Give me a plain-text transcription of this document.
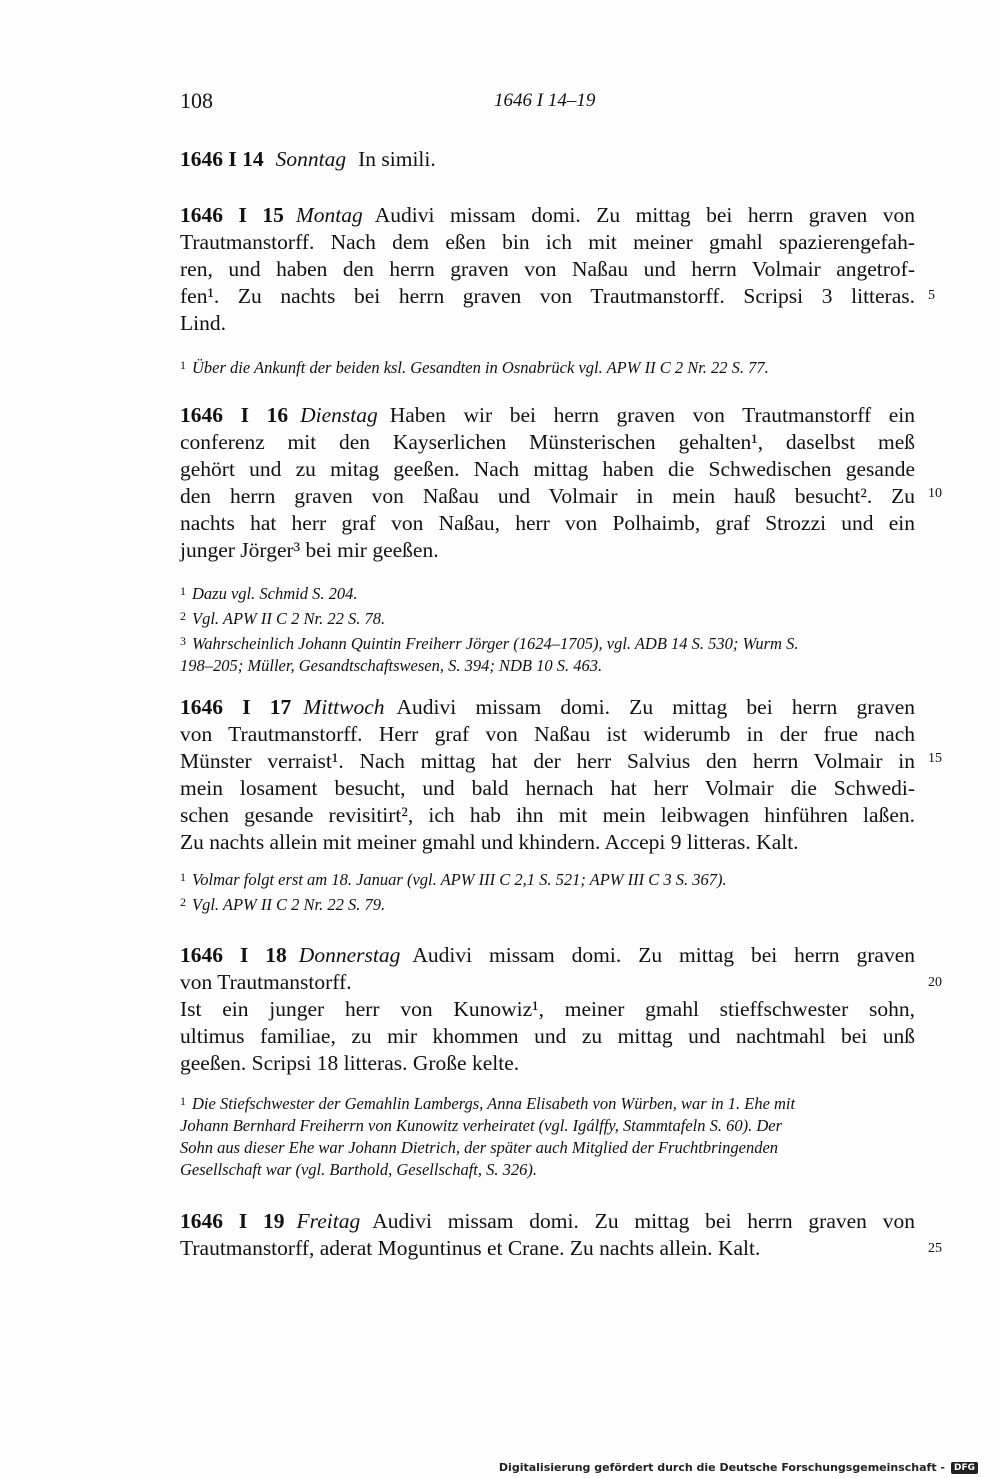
108	1646 I 14–19
1646 I 14 Sonntag In simili.
1646 I 15 Montag Audivi missam domi. Zu mittag bei herrn graven von
Trautmanstorff. Nach dem eßen bin ich mit meiner gmahl spazierengefah-
ren, und haben den herrn graven von Naßau und herrn Volmair angetrof-
fen¹. Zu nachts bei herrn graven von Trautmanstorff. Scripsi 3 litteras.
Lind.
$^1$ Über die Ankunft der beiden ksl. Gesandten in Osnabrück vgl. APW II C 2 Nr. 22 S. 77.
1646 I 16 Dienstag Haben wir bei herrn graven von Trautmanstorff ein
conferenz mit den Kayserlichen Münsterischen gehalten¹, daselbst meß
gehört und zu mitag geeßen. Nach mittag haben die Schwedischen gesande
den herrn graven von Naßau und Volmair in mein hauß besucht². Zu
nachts hat herr graf von Naßau, herr von Polhaimb, graf Strozzi und ein
junger Jörger³ bei mir geeßen.
$^1$ Dazu vgl. Schmid S. 204.
$^2$ Vgl. APW II C 2 Nr. 22 S. 78.
$^3$ Wahrscheinlich Johann Quintin Freiherr Jörger (1624–1705), vgl. ADB 14 S. 530; Wurm S.
198–205; Müller, Gesandtschaftswesen, S. 394; NDB 10 S. 463.
1646 I 17 Mittwoch Audivi missam domi. Zu mittag bei herrn graven
von Trautmanstorff. Herr graf von Naßau ist widerumb in der frue nach
Münster verraist¹. Nach mittag hat der herr Salvius den herrn Volmair in
mein losament besucht, und bald hernach hat herr Volmair die Schwedi-
schen gesande revisitirt², ich hab ihn mit mein leibwagen hinführen laßen.
Zu nachts allein mit meiner gmahl und khindern. Accepi 9 litteras. Kalt.
$^1$ Volmar folgt erst am 18. Januar (vgl. APW III C 2,1 S. 521; APW III C 3 S. 367).
$^2$ Vgl. APW II C 2 Nr. 22 S. 79.
1646 I 18 Donnerstag Audivi missam domi. Zu mittag bei herrn graven
von Trautmanstorff.
Ist ein junger herr von Kunowiz¹, meiner gmahl stieffschwester sohn,
ultimus familiae, zu mir khommen und zu mittag und nachtmahl bei unß
geeßen. Scripsi 18 litteras. Große kelte.
$^1$ Die Stiefschwester der Gemahlin Lambergs, Anna Elisabeth von Würben, war in 1. Ehe mit
Johann Bernhard Freiherrn von Kunowitz verheiratet (vgl. Igálffy, Stammtafeln S. 60). Der
Sohn aus dieser Ehe war Johann Dietrich, der später auch Mitglied der Fruchtbringenden
Gesellschaft war (vgl. Barthold, Gesellschaft, S. 326).
1646 I 19 Freitag Audivi missam domi. Zu mittag bei herrn graven von
Trautmanstorff, aderat Moguntinus et Crane. Zu nachts allein. Kalt.
5
10
15
20
25
Digitalisierung gefördert durch die Deutsche Forschungsgemeinschaft -	DFG
